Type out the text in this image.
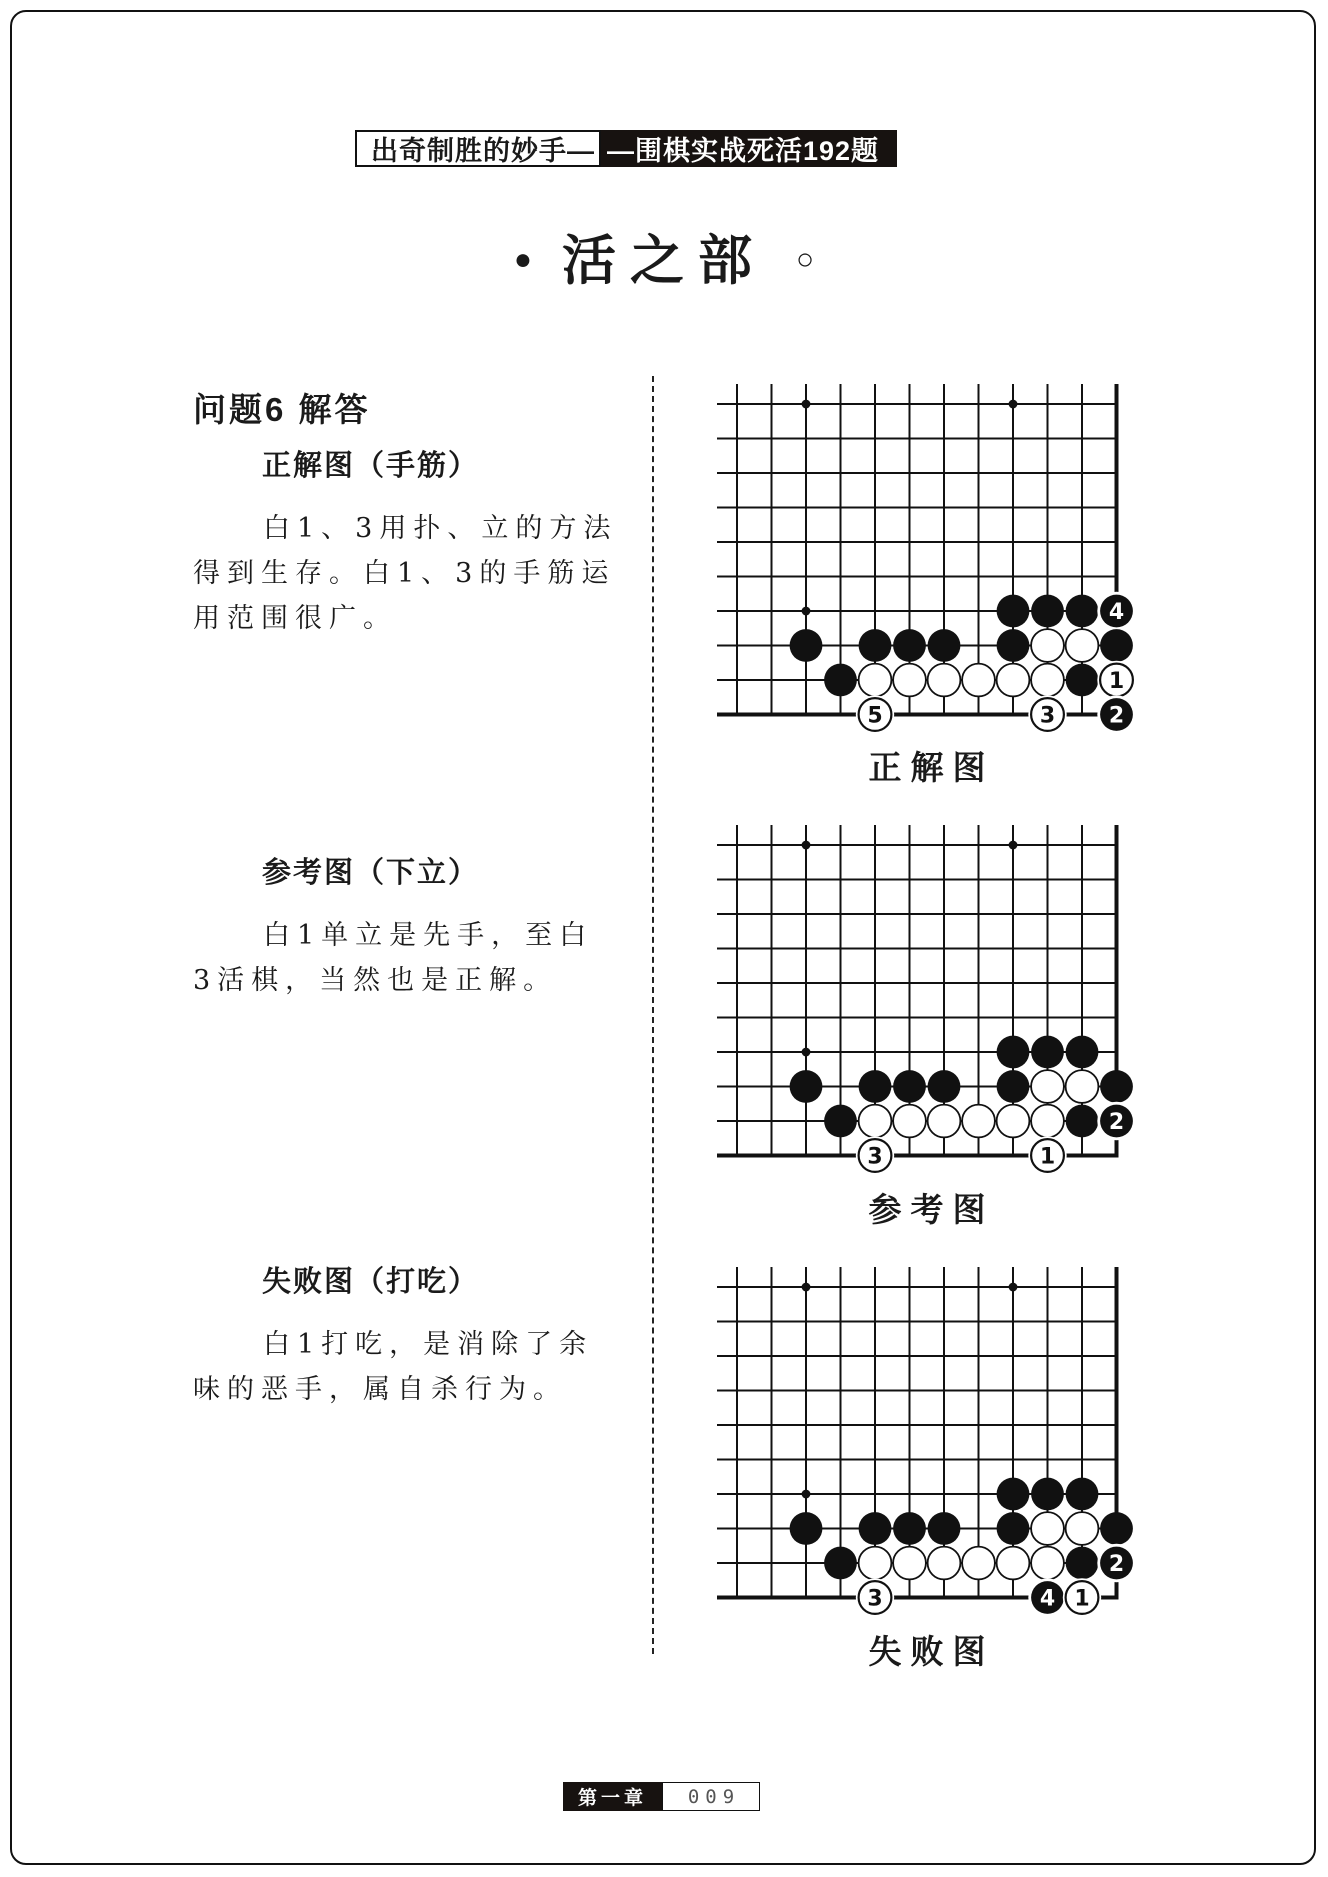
出奇制胜的妙手— —围棋实战死活192题
● 活之部 ○
问题6 解答
正解图（手筋）
白1、3用扑、立的方法
得到生存。白1、3的手筋运
用范围很广。
参考图（下立）
白1单立是先手，至白
3活棋，当然也是正解。
失败图（打吃）
白1打吃，是消除了余
味的恶手，属自杀行为。
4
1
5	3 2
正解图
2
3	1
参考图
2
3	4 1
失败图
第一章	009
